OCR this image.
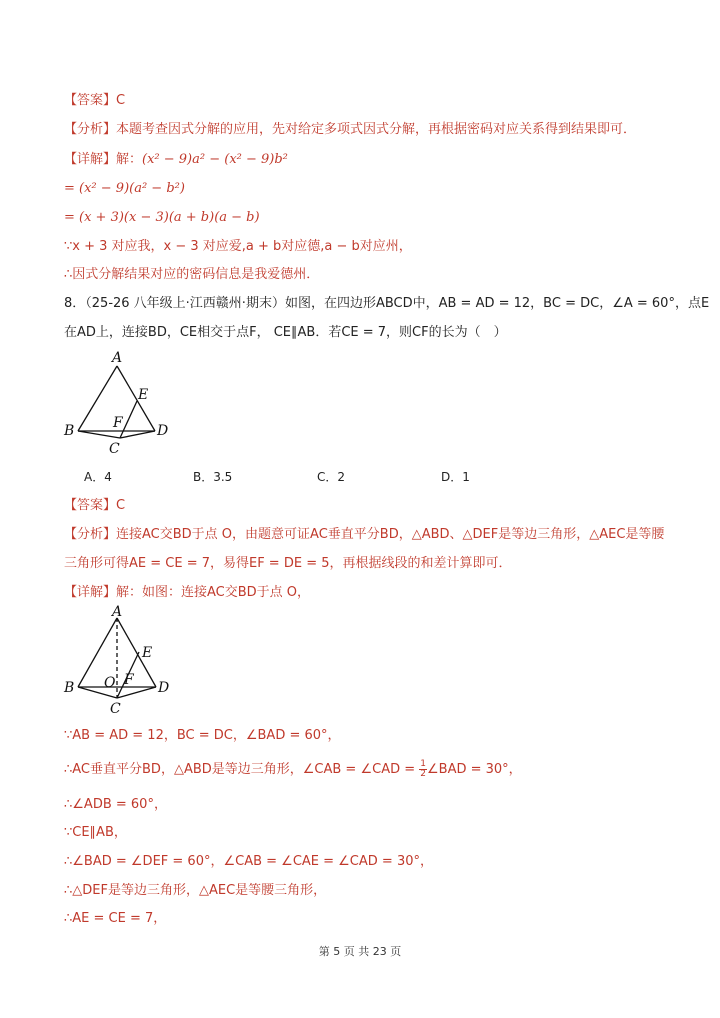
【答案】C
【分析】本题考查因式分解的应用，先对给定多项式因式分解，再根据密码对应关系得到结果即可．
【详解】解：(x² − 9)a² − (x² − 9)b²
= (x² − 9)(a² − b²)
= (x + 3)(x − 3)(a + b)(a − b)
∵x + 3 对应我，x − 3 对应爱,a + b对应德,a − b对应州，
∴因式分解结果对应的密码信息是我爱德州．
8．（25-26 八年级上·江西赣州·期末）如图，在四边形ABCD中，AB = AD = 12，BC = DC，∠A = 60°，点E
在AD上，连接BD，CE相交于点F， CE∥AB．若CE = 7，则CF的长为（　）
A
B	D
E
F
C
A．4	B．3.5	C．2	D．1
【答案】C
【分析】连接AC交BD于点 O，由题意可证AC垂直平分BD，△ABD、△DEF是等边三角形，△AEC是等腰
三角形可得AE = CE = 7，易得EF = DE = 5，再根据线段的和差计算即可．
【详解】解：如图：连接AC交BD于点 O，
A
B	D
E
O F
C
∵AB = AD = 12，BC = DC，∠BAD = 60°，
∴AC垂直平分BD，△ABD是等边三角形，∠CAB = ∠CAD = $\frac{1}{2}$ ∠BAD = 30°，
∴∠ADB = 60°，
∵CE∥AB，
∴∠BAD = ∠DEF = 60°，∠CAB = ∠CAE = ∠CAD = 30°，
∴△DEF是等边三角形，△AEC是等腰三角形，
∴AE = CE = 7，
第 5 页 共 23 页
